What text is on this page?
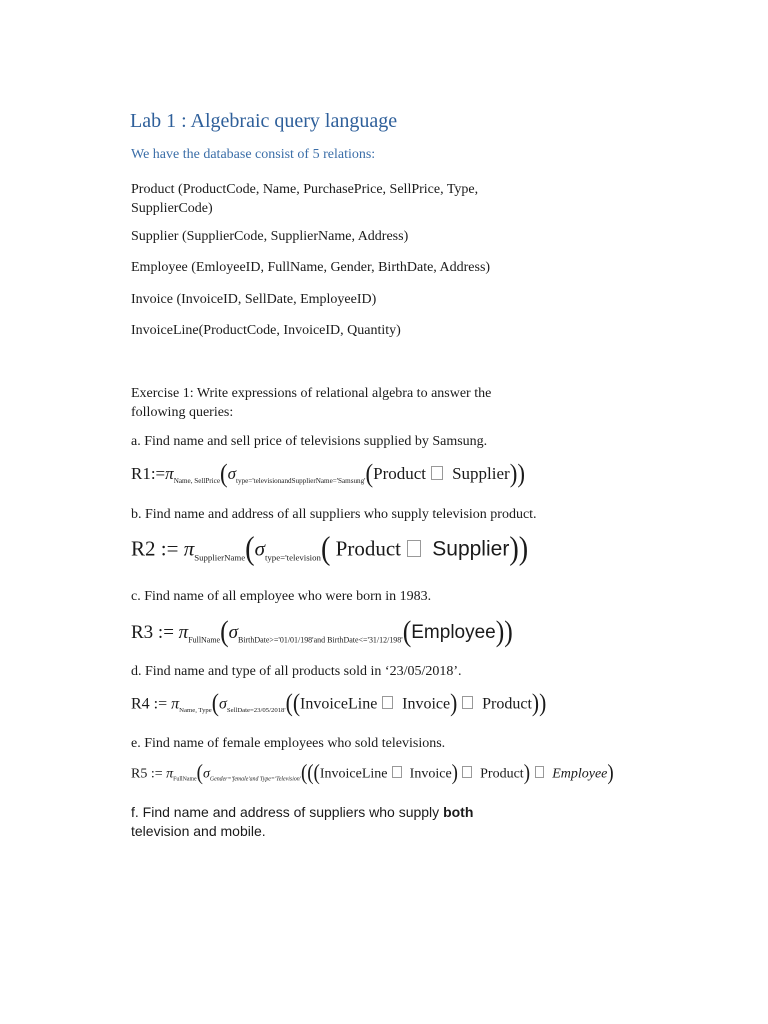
Lab 1 : Algebraic query language

We have the database consist of 5 relations:

Product (ProductCode, Name, PurchasePrice, SellPrice, Type, SupplierCode)

Supplier (SupplierCode, SupplierName, Address)

Employee (EmloyeeID, FullName, Gender, BirthDate, Address)

Invoice (InvoiceID, SellDate, EmployeeID)

InvoiceLine(ProductCode, InvoiceID, Quantity)

Exercise 1: Write expressions of relational algebra to answer the following queries:

a. Find name and sell price of televisions supplied by Samsung.

$R1:=\pi_{Name, SellPrice}(\sigma_{type='televisionandSupplierName='Samsung'}(Product$ Supplier))

b. Find name and address of all suppliers who supply television product.

R2 := $\pi_{SupplierName}(\sigma_{type='television}$( Product Supplier))

c. Find name of all employee who were born in 1983.

R3 := $\pi_{FullName}(\sigma_{BirthDate>='01/01/198'and BirthDate<='31/12/198'}(Employee))$

d. Find name and type of all products sold in ‘23/05/2018’.

R4 := $\pi_{Name, Type}(\sigma_{SellDate=23/05/2018'}((InvoiceLine$ Invoice) Product))

e. Find name of female employees who sold televisions.

R5 := $\pi_{FullName}(\sigma_{Gender='female'and Type='Television'}(((InvoiceLine$ Invoice) Product) Employee)

f. Find name and address of suppliers who supply both television and mobile.
